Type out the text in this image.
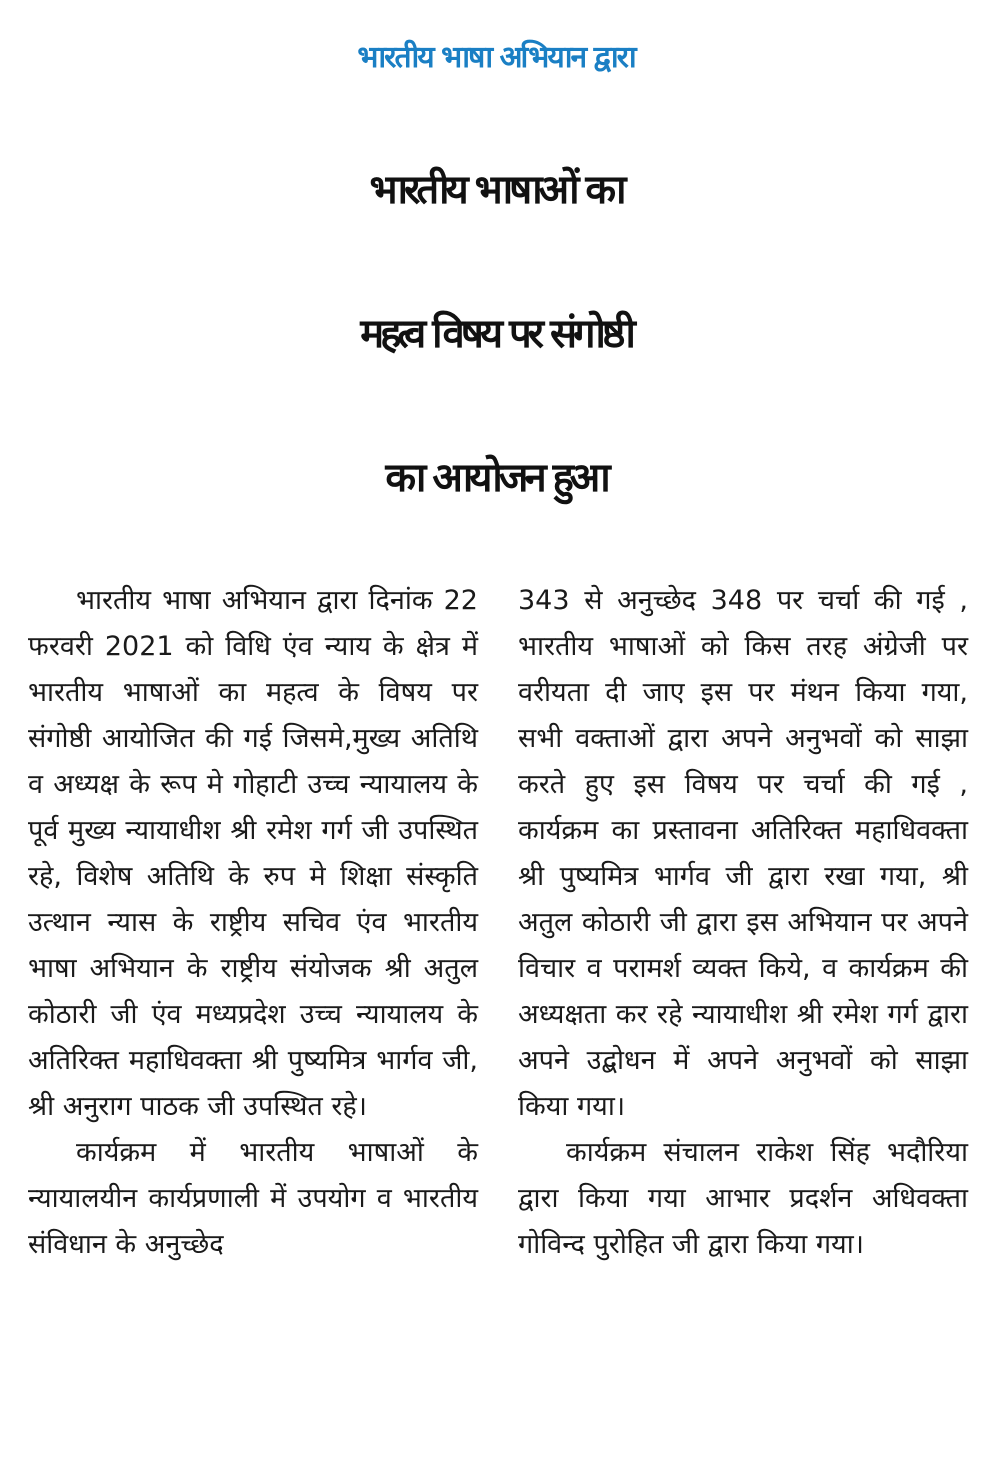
भारतीय भाषा अभियान द्वारा
भारतीय भाषाओं का
महत्व विषय पर संगोष्ठी
का आयोजन हुआ

भारतीय भाषा अभियान द्वारा दिनांक 22 फरवरी 2021 को विधि एंव न्याय के क्षेत्र में भारतीय भाषाओं का महत्व के विषय पर संगोष्ठी आयोजित की गई जिसमे,मुख्य अतिथि व अध्यक्ष के रूप मे गोहाटी उच्च न्यायालय के पूर्व मुख्य न्यायाधीश श्री रमेश गर्ग जी उपस्थित रहे, विशेष अतिथि के रुप मे शिक्षा संस्कृति उत्थान न्यास के राष्ट्रीय सचिव एंव भारतीय भाषा अभियान के राष्ट्रीय संयोजक श्री अतुल कोठारी जी एंव मध्यप्रदेश उच्च न्यायालय के अतिरिक्त महाधिवक्ता श्री पुष्यमित्र भार्गव जी, श्री अनुराग पाठक जी उपस्थित रहे।

कार्यक्रम में भारतीय भाषाओं के न्यायालयीन कार्यप्रणाली में उपयोग व भारतीय संविधान के अनुच्छेद

343 से अनुच्छेद 348 पर चर्चा की गई , भारतीय भाषाओं को किस तरह अंग्रेजी पर वरीयता दी जाए इस पर मंथन किया गया, सभी वक्ताओं द्वारा अपने अनुभवों को साझा करते हुए इस विषय पर चर्चा की गई , कार्यक्रम का प्रस्तावना अतिरिक्त महाधिवक्ता श्री पुष्यमित्र भार्गव जी द्वारा रखा गया, श्री अतुल कोठारी जी द्वारा इस अभियान पर अपने विचार व परामर्श व्यक्त किये, व कार्यक्रम की अध्यक्षता कर रहे न्यायाधीश श्री रमेश गर्ग द्वारा अपने उद्बोधन में अपने अनुभवों को साझा किया गया।

कार्यक्रम संचालन राकेश सिंह भदौरिया द्वारा किया गया आभार प्रदर्शन अधिवक्ता गोविन्द पुरोहित जी द्वारा किया गया।
